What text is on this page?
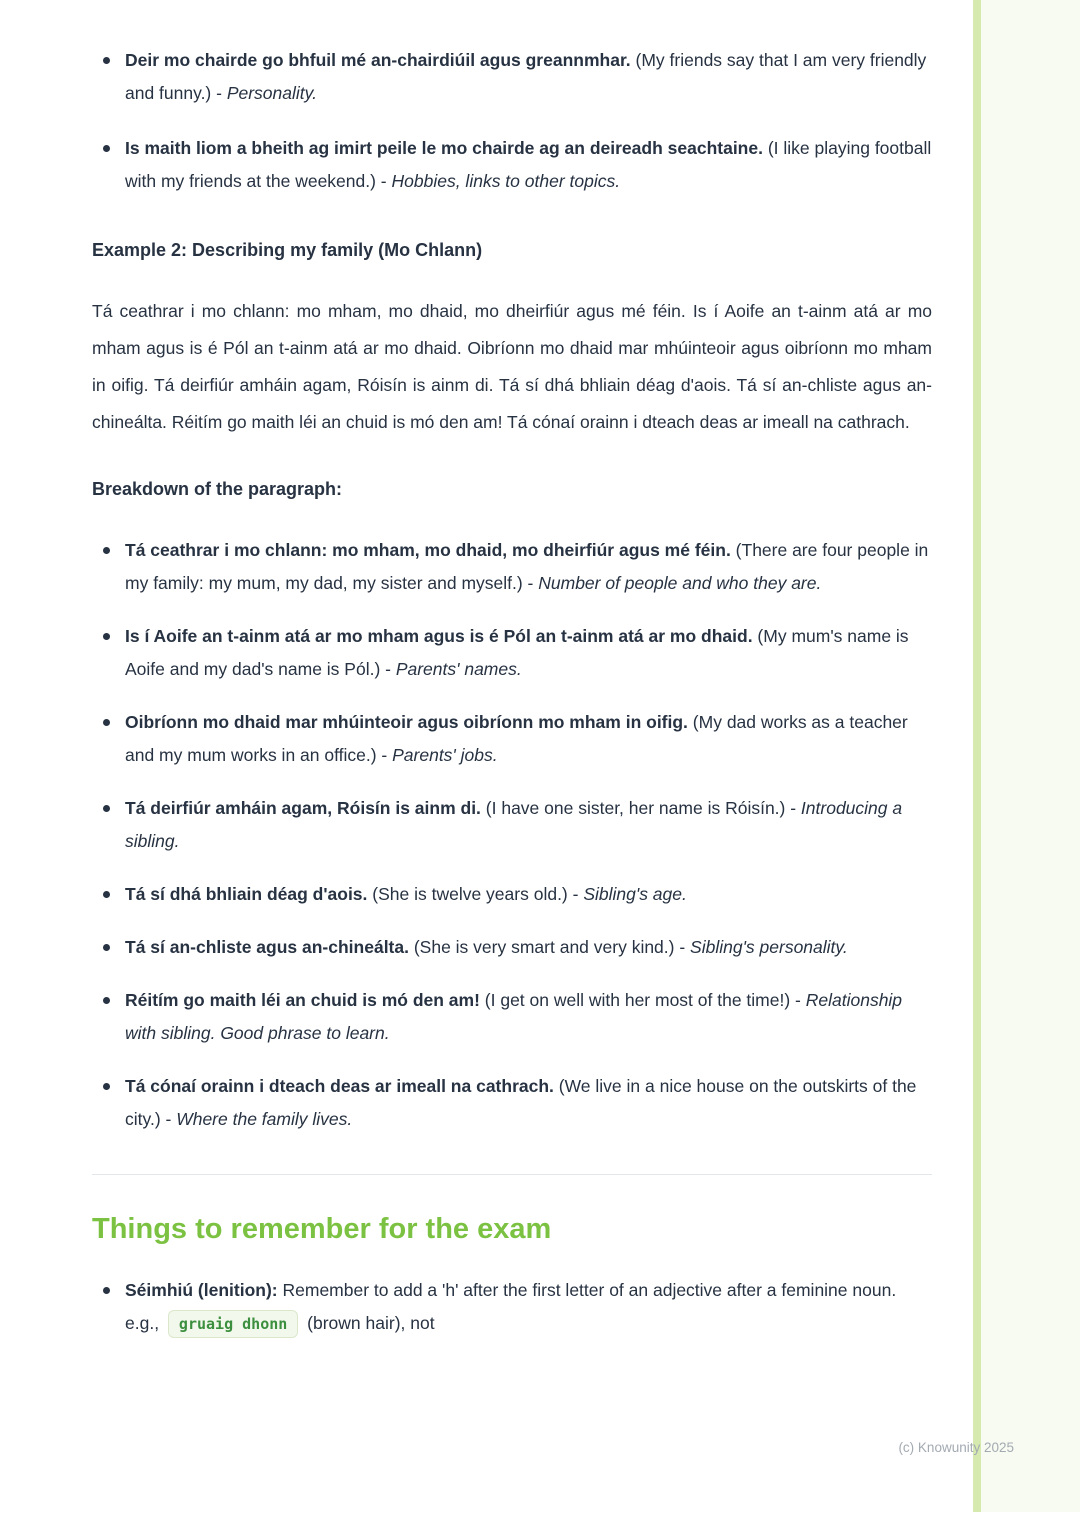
Deir mo chairde go bhfuil mé an-chairdiúil agus greannmhar. (My friends say that I am very friendly and funny.) - Personality.
Is maith liom a bheith ag imirt peile le mo chairde ag an deireadh seachtaine. (I like playing football with my friends at the weekend.) - Hobbies, links to other topics.
Example 2: Describing my family (Mo Chlann)
Tá ceathrar i mo chlann: mo mham, mo dhaid, mo dheirfiúr agus mé féin. Is í Aoife an t-ainm atá ar mo mham agus is é Pól an t-ainm atá ar mo dhaid. Oibríonn mo dhaid mar mhúinteoir agus oibríonn mo mham in oifig. Tá deirfiúr amháin agam, Róisín is ainm di. Tá sí dhá bhliain déag d'aois. Tá sí an-chliste agus an-chineálta. Réitím go maith léi an chuid is mó den am! Tá cónaí orainn i dteach deas ar imeall na cathrach.
Breakdown of the paragraph:
Tá ceathrar i mo chlann: mo mham, mo dhaid, mo dheirfiúr agus mé féin. (There are four people in my family: my mum, my dad, my sister and myself.) - Number of people and who they are.
Is í Aoife an t-ainm atá ar mo mham agus is é Pól an t-ainm atá ar mo dhaid. (My mum's name is Aoife and my dad's name is Pól.) - Parents' names.
Oibríonn mo dhaid mar mhúinteoir agus oibríonn mo mham in oifig. (My dad works as a teacher and my mum works in an office.) - Parents' jobs.
Tá deirfiúr amháin agam, Róisín is ainm di. (I have one sister, her name is Róisín.) - Introducing a sibling.
Tá sí dhá bhliain déag d'aois. (She is twelve years old.) - Sibling's age.
Tá sí an-chliste agus an-chineálta. (She is very smart and very kind.) - Sibling's personality.
Réitím go maith léi an chuid is mó den am! (I get on well with her most of the time!) - Relationship with sibling. Good phrase to learn.
Tá cónaí orainn i dteach deas ar imeall na cathrach. (We live in a nice house on the outskirts of the city.) - Where the family lives.
Things to remember for the exam
Séimhiú (lenition): Remember to add a 'h' after the first letter of an adjective after a feminine noun. e.g., gruaig dhonn (brown hair), not
(c) Knowunity 2025
